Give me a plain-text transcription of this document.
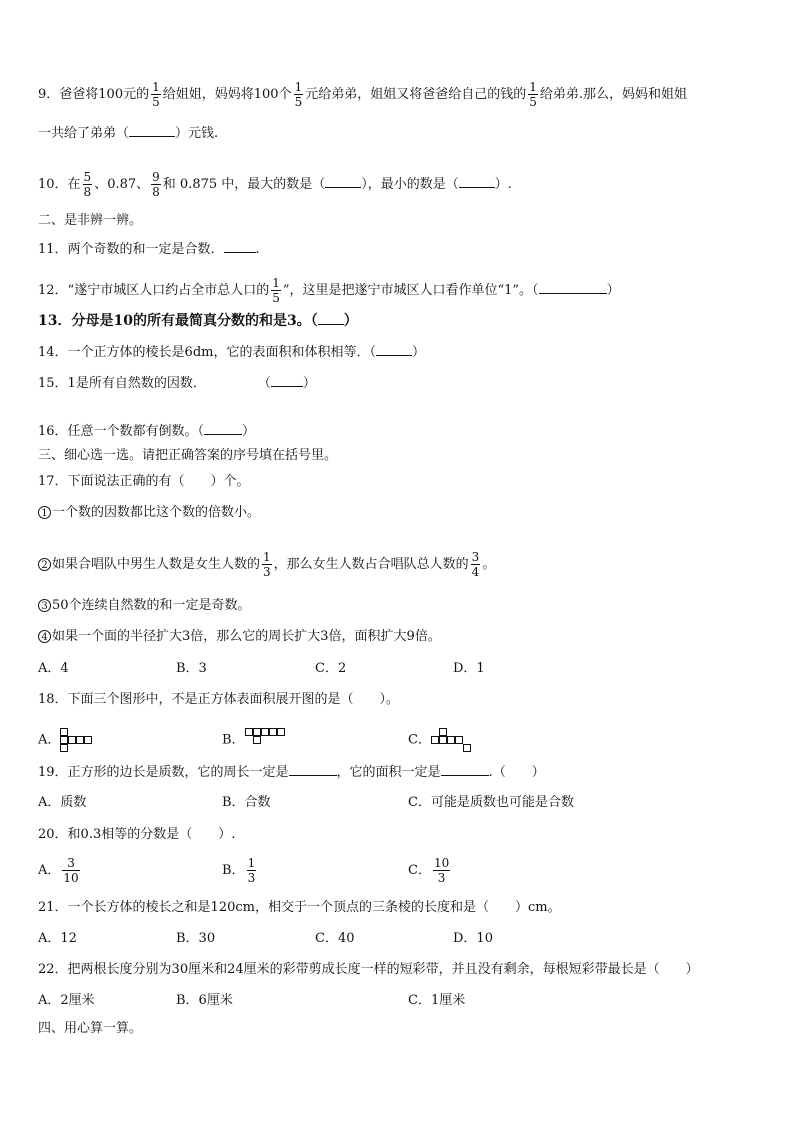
9．爸爸将100元的 $\frac{1}{5}$ 给姐姐，妈妈将100个 $\frac{1}{5}$ 元给弟弟，姐姐又将爸爸给自己的钱的 $\frac{1}{5}$ 给弟弟.那么，妈妈和姐姐
一共给了弟弟（	）元钱.
10．在 $\frac{5}{8}$ 、0.87、 $\frac{9}{8}$ 和 0.875 中，最大的数是（	），最小的数是（	）.
二、是非辨一辨。
11．两个奇数的和一定是合数． .
12．“遂宁市城区人口约占全市总人口的 $\frac{1}{5}$ ”，这里是把遂宁市城区人口看作单位“1”。（	）
13．分母是10的所有最简真分数的和是3。（ ）
14．一个正方体的棱长是6dm，它的表面积和体积相等．（	）
15．1是所有自然数的因数．	（ ）
16．任意一个数都有倒数。（	）
三、细心选一选。请把正确答案的序号填在括号里。
17．下面说法正确的有（　　）个。
1 一个数的因数都比这个数的倍数小。
2 如果合唱队中男生人数是女生人数的 $\frac{1}{3}$ ，那么女生人数占合唱队总人数的 $\frac{3}{4}$ 。
3 50个连续自然数的和一定是奇数。
4 如果一个面的半径扩大3倍，那么它的周长扩大3倍，面积扩大9倍。
A．4	B．3	C．2	D．1
18．下面三个图形中，不是正方体表面积展开图的是（　　）。
A．	B．	C．
19．正方形的边长是质数，它的周长一定是	，它的面积一定是	.（　　）
A．质数	B．合数	C．可能是质数也可能是合数
20．和0.3相等的分数是（　　）.
A． $\frac{3}{10}$	B． $\frac{1}{3}$	C． $\frac{10}{3}$
21．一个长方体的棱长之和是120cm，相交于一个顶点的三条棱的长度和是（　　）cm。
A．12	B．30	C．40	D．10
22．把两根长度分别为30厘米和24厘米的彩带剪成长度一样的短彩带，并且没有剩余，每根短彩带最长是（　　）
A．2厘米	B．6厘米	C．1厘米
四、用心算一算。
